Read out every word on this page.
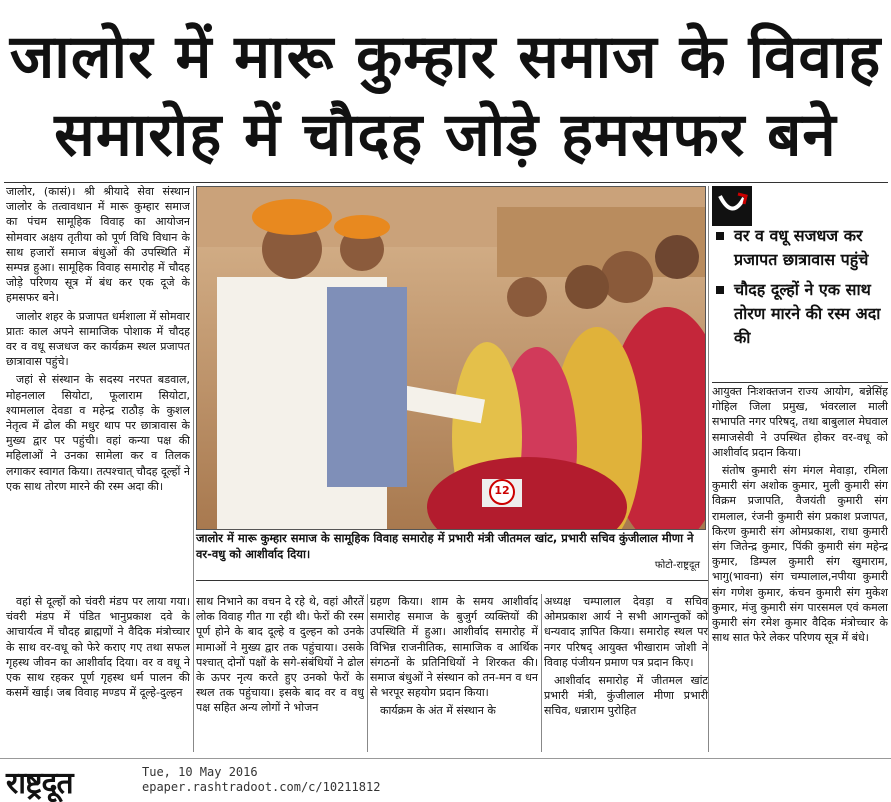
जालोर में मारू कुम्हार समाज के विवाह
समारोह में चौदह जोड़े हमसफर बने

जालोर, (कासं)। श्री श्रीयादे सेवा संस्थान जालोर के तत्वावधान में मारू कुम्हार समाज का पंचम सामूहिक विवाह का आयोजन सोमवार अक्षय तृतीया को पूर्ण विधि विधान के साथ हजारों समाज बंधुओं की उपस्थिति में सम्पन्न हुआ। सामूहिक विवाह समारोह में चौदह जोड़े परिणय सूत्र में बंध कर एक दूजे के हमसफर बने।

जालोर शहर के प्रजापत धर्मशाला में सोमवार प्रातः काल अपने सामाजिक पोशाक में चौदह वर व वधू सजधज कर कार्यक्रम स्थल प्रजापत छात्रावास पहुंचे।

जहां से संस्थान के सदस्य नरपत बडवाल, मोहनलाल सियोटा, फूलाराम सियोटा, श्यामलाल देवडा व महेन्द्र राठौड़ के कुशल नेतृत्व में ढोल की मधुर थाप पर छात्रावास के मुख्य द्वार पर पहुंची। वहां कन्या पक्ष की महिलाओं ने उनका सामेला कर व तिलक लगाकर स्वागत किया। तत्पश्चात् चौदह दूल्हों ने एक साथ तोरण मारने की रस्म अदा की।	12
जालोर में मारू कुम्हार समाज के सामूहिक विवाह समारोह में प्रभारी मंत्री जीतमल खांट, प्रभारी सचिव कुंजीलाल मीणा ने वर-वधु को आशीर्वाद दिया।
फोटो-राष्ट्रदूत
वर व वधू सजधज कर प्रजापत छात्रावास पहुंचे
चौदह दूल्हों ने एक साथ तोरण मारने की रस्म अदा की

आयुक्त निःशक्तजन राज्य आयोग, बन्नेसिंह गोहिल जिला प्रमुख, भंवरलाल माली सभापति नगर परिषद्, तथा बाबुलाल मेघवाल समाजसेवी ने उपस्थित होकर वर-वधू को आशीर्वाद प्रदान किया।

संतोष कुमारी संग मंगल मेवाड़ा, रमिला कुमारी संग अशोक कुमार, मुली कुमारी संग विक्रम प्रजापति, वैजयंती कुमारी संग रामलाल, रंजनी कुमारी संग प्रकाश प्रजापत, किरण कुमारी संग ओमप्रकाश, राधा कुमारी संग जितेन्द्र कुमार, पिंकी कुमारी संग महेन्द्र कुमार, डिम्पल कुमारी संग खुमाराम, भागु(भावना) संग चम्पालाल,नपीया कुमारी संग गणेश कुमार, कंचन कुमारी संग मुकेश कुमार, मंजु कुमारी संग पारसमल एवं कमला कुमारी संग रमेश कुमार वैदिक मंत्रोच्चार के साथ सात फेरे लेकर परिणय सूत्र में बंधे।

वहां से दूल्हों को चंवरी मंडप पर लाया गया। चंवरी मंडप में पंडित भानुप्रकाश दवे के आचार्यत्व में चौदह ब्राह्मणों ने वैदिक मंत्रोच्चार के साथ वर-वधू को फेरे कराए गए तथा सफल गृहस्थ जीवन का आशीर्वाद दिया। वर व वधू ने एक साथ रहकर पूर्ण गृहस्थ धर्म पालन की कसमें खाई। जब विवाह मण्डप में दूल्हे-दुल्हन

साथ निभाने का वचन दे रहे थे, वहां औरतें लोक विवाह गीत गा रही थी। फेरों की रस्म पूर्ण होने के बाद दूल्हे व दुल्हन को उनके मामाओं ने मुख्य द्वार तक पहुंचाया। उसके पश्चात् दोनों पक्षों के सगे-संबंधियों ने ढोल के ऊपर नृत्य करते हुए उनको फेरों के स्थल तक पहुंचाया। इसके बाद वर व वधु पक्ष सहित अन्य लोगों ने भोजन

ग्रहण किया। शाम के समय आशीर्वाद समारोह समाज के बुजुर्ग व्यक्तियों की उपस्थिति में हुआ। आशीर्वाद समारोह में विभिन्न राजनीतिक, सामाजिक व आर्थिक संगठनों के प्रतिनिधियों ने शिरकत की। समाज बंधुओं ने संस्थान को तन-मन व धन से भरपूर सहयोग प्रदान किया।

कार्यक्रम के अंत में संस्थान के

अध्यक्ष चम्पालाल देवड़ा व सचिव ओमप्रकाश आर्य ने सभी आगन्तुकों को धन्यवाद ज्ञापित किया। समारोह स्थल पर नगर परिषद् आयुक्त भीखाराम जोशी ने विवाह पंजीयन प्रमाण पत्र प्रदान किए।

आशीर्वाद समारोह में जीतमल खांट प्रभारी मंत्री, कुंजीलाल मीणा प्रभारी सचिव, धन्नाराम पुरोहित

राष्ट्रदूत	Tue, 10 May 2016
epaper.rashtradoot.com/c/10211812
